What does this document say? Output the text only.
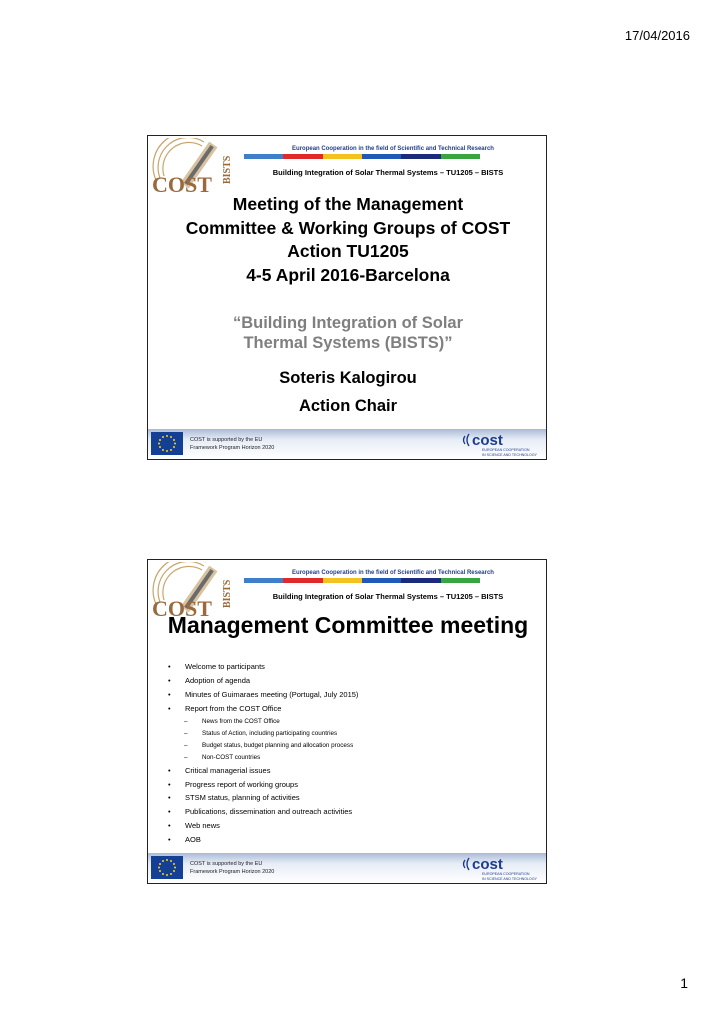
17/04/2016
COST
BISTS
European Cooperation in the field of Scientific and Technical Research
Building Integration of Solar Thermal Systems – TU1205 – BISTS
Meeting of the Management
Committee & Working Groups of COST
Action TU1205
4-5 April 2016-Barcelona
“Building Integration of Solar
Thermal Systems (BISTS)”
Soteris Kalogirou
Action Chair
COST is supported by the EU
Framework Program Horizon 2020	cost
EUROPEAN COOPERATION
IN SCIENCE AND TECHNOLOGY
COST
BISTS
European Cooperation in the field of Scientific and Technical Research
Building Integration of Solar Thermal Systems – TU1205 – BISTS
Management Committee meeting
• Welcome to participants
• Adoption of agenda
• Minutes of Guimaraes meeting (Portugal, July 2015)
• Report from the COST Office
– News from the COST Office
– Status of Action, including participating countries
– Budget status, budget planning and allocation process
– Non-COST countries
• Critical managerial issues
• Progress report of working groups
• STSM status, planning of activities
• Publications, dissemination and outreach activities
• Web news
• AOB
COST is supported by the EU
Framework Program Horizon 2020	cost
EUROPEAN COOPERATION
IN SCIENCE AND TECHNOLOGY
1
